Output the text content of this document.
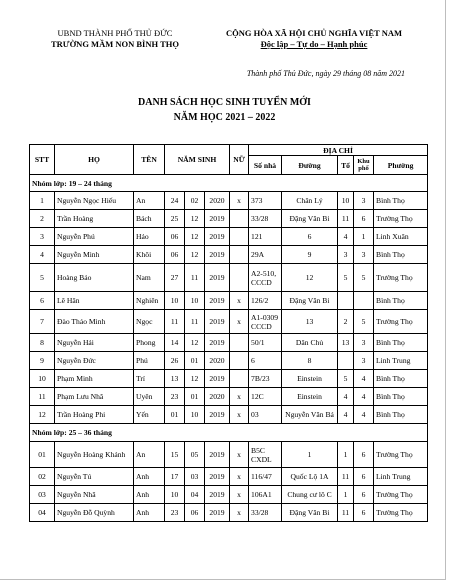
UBND THÀNH PHỐ THỦ ĐỨC
TRƯỜNG MẦM NON BÌNH THỌ
CỘNG HÒA XÃ HỘI CHỦ NGHĨA VIỆT NAM
Độc lập – Tự do – Hạnh phúc
Thành phố Thủ Đức, ngày 29 tháng 08 năm 2021
DANH SÁCH HỌC SINH TUYỂN MỚI
NĂM HỌC 2021 – 2022
STT	HỌ	TÊN	NĂM SINH			NỮ	ĐỊA CHỈ				
							Số nhà	Đường	Tổ	Khu phố	Phường
Nhóm lớp: 19 – 24 tháng											
1	Nguyễn Ngọc Hiếu	An	24	02	2020	x	373	Chân Lý	10	3	Bình Thọ
2	Trần Hoàng	Bách	25	12	2019		33/28	Đặng Văn Bi	11	6	Trường Thọ
3	Nguyễn Phú	Hảo	06	12	2019		121	6	4	1	Linh Xuân
4	Nguyễn Minh	Khôi	06	12	2019		29A	9	3	3	Bình Thọ
5	Hoàng Bảo	Nam	27	11	2019		A2-510, CCCD	12	5	5	Trường Thọ
6	Lê Hân	Nghiên	10	10	2019	x	126/2	Đặng Văn Bi			Bình Thọ
7	Đào Thảo Minh	Ngọc	11	11	2019	x	A1-0309 CCCD	13	2	5	Trường Thọ
8	Nguyễn Hải	Phong	14	12	2019		50/1	Dân Chủ	13	3	Bình Thọ
9	Nguyễn Đức	Phú	26	01	2020		6	8		3	Linh Trung
10	Phạm Minh	Trí	13	12	2019		7B/23	Einstein	5	4	Bình Thọ
11	Phạm Lưu Nhã	Uyên	23	01	2020	x	12C	Einstein	4	4	Bình Thọ
12	Trần Hoàng Phi	Yến	01	10	2019	x	03	Nguyễn Văn Bá	4	4	Bình Thọ
Nhóm lớp: 25 – 36 tháng											
01	Nguyễn Hoàng Khánh	An	15	05	2019	x	B5C CXDL	1	1	6	Trường Thọ
02	Nguyễn Tú	Anh	17	03	2019	x	116/47	Quốc Lộ 1A	11	6	Linh Trung
03	Nguyễn Nhã	Anh	10	04	2019	x	106A1	Chung cư lô C	1	6	Trường Thọ
04	Nguyễn Đỗ Quỳnh	Anh	23	06	2019	x	33/28	Đặng Văn Bi	11	6	Trường Thọ
